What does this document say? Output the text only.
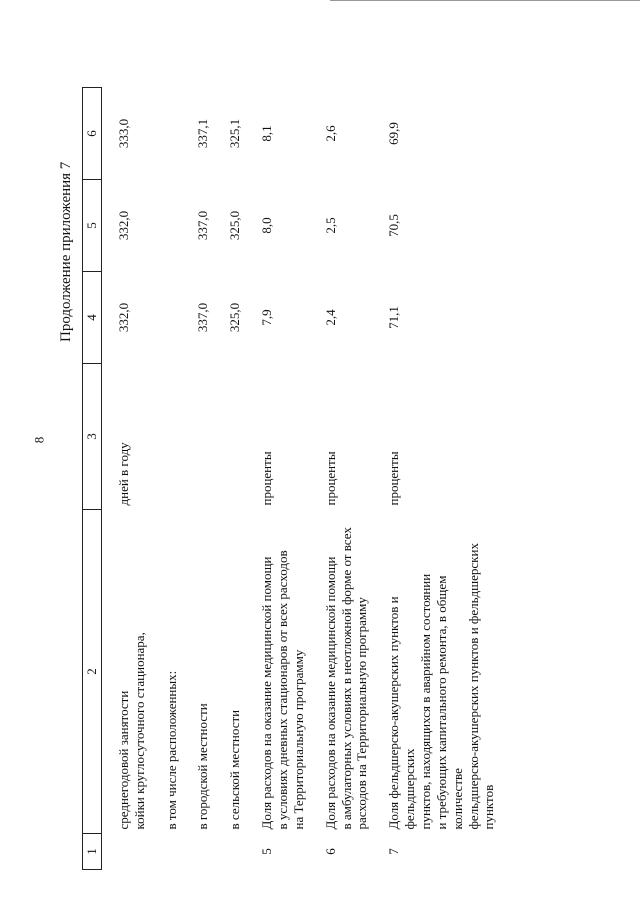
8
Продолжение приложения 7
1	2	3	4	5	6

	среднегодовой занятости койки круглосуточного стационара,	дней в году	332,0	332,0	333,0

	в том числе расположенных:				

	в городской местности		337,0	337,0	337,1

	в сельской местности		325,0	325,0	325,1

5	Доля расходов на оказание медицинской помощи в условиях дневных стационаров от всех расходов на Территориальную программу	проценты	7,9	8,0	8,1

6	Доля расходов на оказание медицинской помощи в амбулаторных условиях в неотложной форме от всех расходов на Территориальную программу	проценты	2,4	2,5	2,6

7	Доля фельдшерско-акушерских пунктов и фельдшерских пунктов, находящихся в аварийном состоянии и требующих капитального ремонта, в общем количестве фельдшерско-акушерских пунктов и фельдшерских пунктов	проценты	71,1	70,5	69,9
